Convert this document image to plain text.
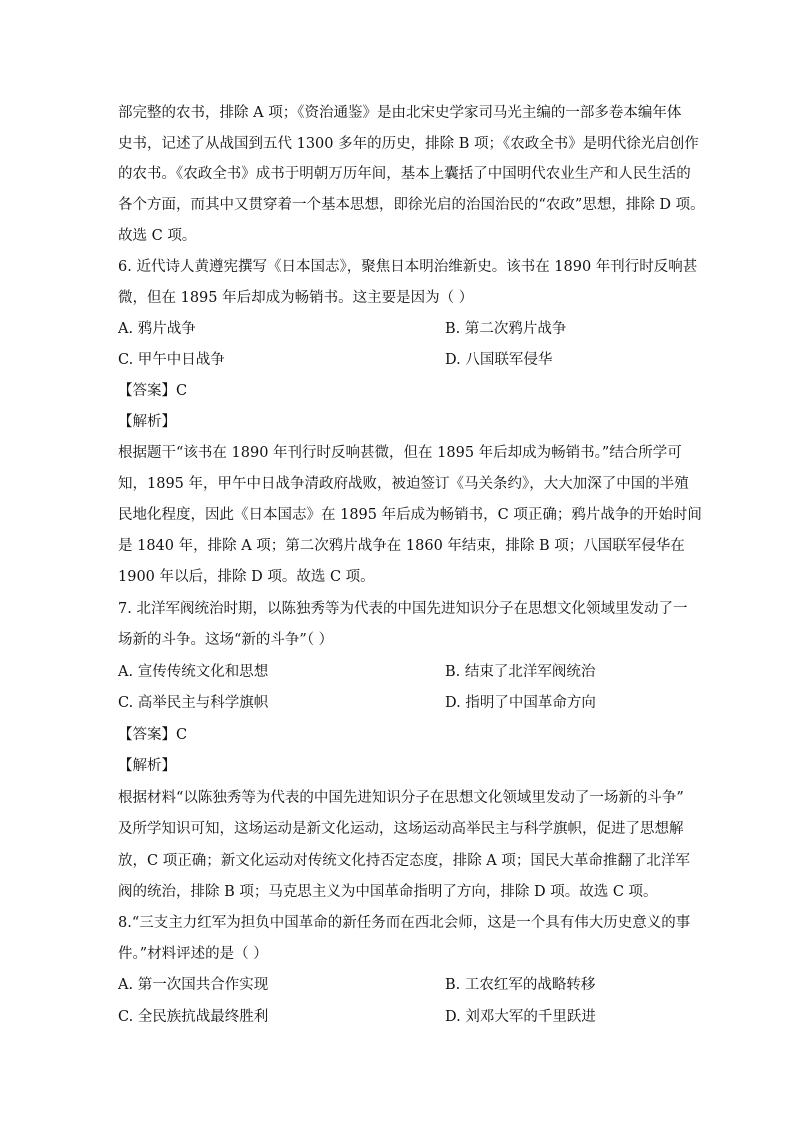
部完整的农书，排除 A 项；《资治通鉴》是由北宋史学家司马光主编的一部多卷本编年体
史书，记述了从战国到五代 1300 多年的历史，排除 B 项；《农政全书》是明代徐光启创作
的农书。《农政全书》成书于明朝万历年间，基本上囊括了中国明代农业生产和人民生活的
各个方面，而其中又贯穿着一个基本思想，即徐光启的治国治民的“农政”思想，排除 D 项。
故选 C 项。
6. 近代诗人黄遵宪撰写《日本国志》，聚焦日本明治维新史。该书在 1890 年刊行时反响甚
微，但在 1895 年后却成为畅销书。这主要是因为（ ）
A. 鸦片战争	B. 第二次鸦片战争
C. 甲午中日战争	D. 八国联军侵华
【答案】C
【解析】
根据题干“该书在 1890 年刊行时反响甚微，但在 1895 年后却成为畅销书。”结合所学可
知，1895 年，甲午中日战争清政府战败，被迫签订《马关条约》，大大加深了中国的半殖
民地化程度，因此《日本国志》在 1895 年后成为畅销书，C 项正确；鸦片战争的开始时间
是 1840 年，排除 A 项；第二次鸦片战争在 1860 年结束，排除 B 项；八国联军侵华在
1900 年以后，排除 D 项。故选 C 项。
7. 北洋军阀统治时期，以陈独秀等为代表的中国先进知识分子在思想文化领域里发动了一
场新的斗争。这场“新的斗争”（ ）
A. 宣传传统文化和思想	B. 结束了北洋军阀统治
C. 高举民主与科学旗帜	D. 指明了中国革命方向
【答案】C
【解析】
根据材料“以陈独秀等为代表的中国先进知识分子在思想文化领域里发动了一场新的斗争”
及所学知识可知，这场运动是新文化运动，这场运动高举民主与科学旗帜，促进了思想解
放，C 项正确；新文化运动对传统文化持否定态度，排除 A 项；国民大革命推翻了北洋军
阀的统治，排除 B 项；马克思主义为中国革命指明了方向，排除 D 项。故选 C 项。
8.“三支主力红军为担负中国革命的新任务而在西北会师，这是一个具有伟大历史意义的事
件。”材料评述的是（ ）
A. 第一次国共合作实现	B. 工农红军的战略转移
C. 全民族抗战最终胜利	D. 刘邓大军的千里跃进
